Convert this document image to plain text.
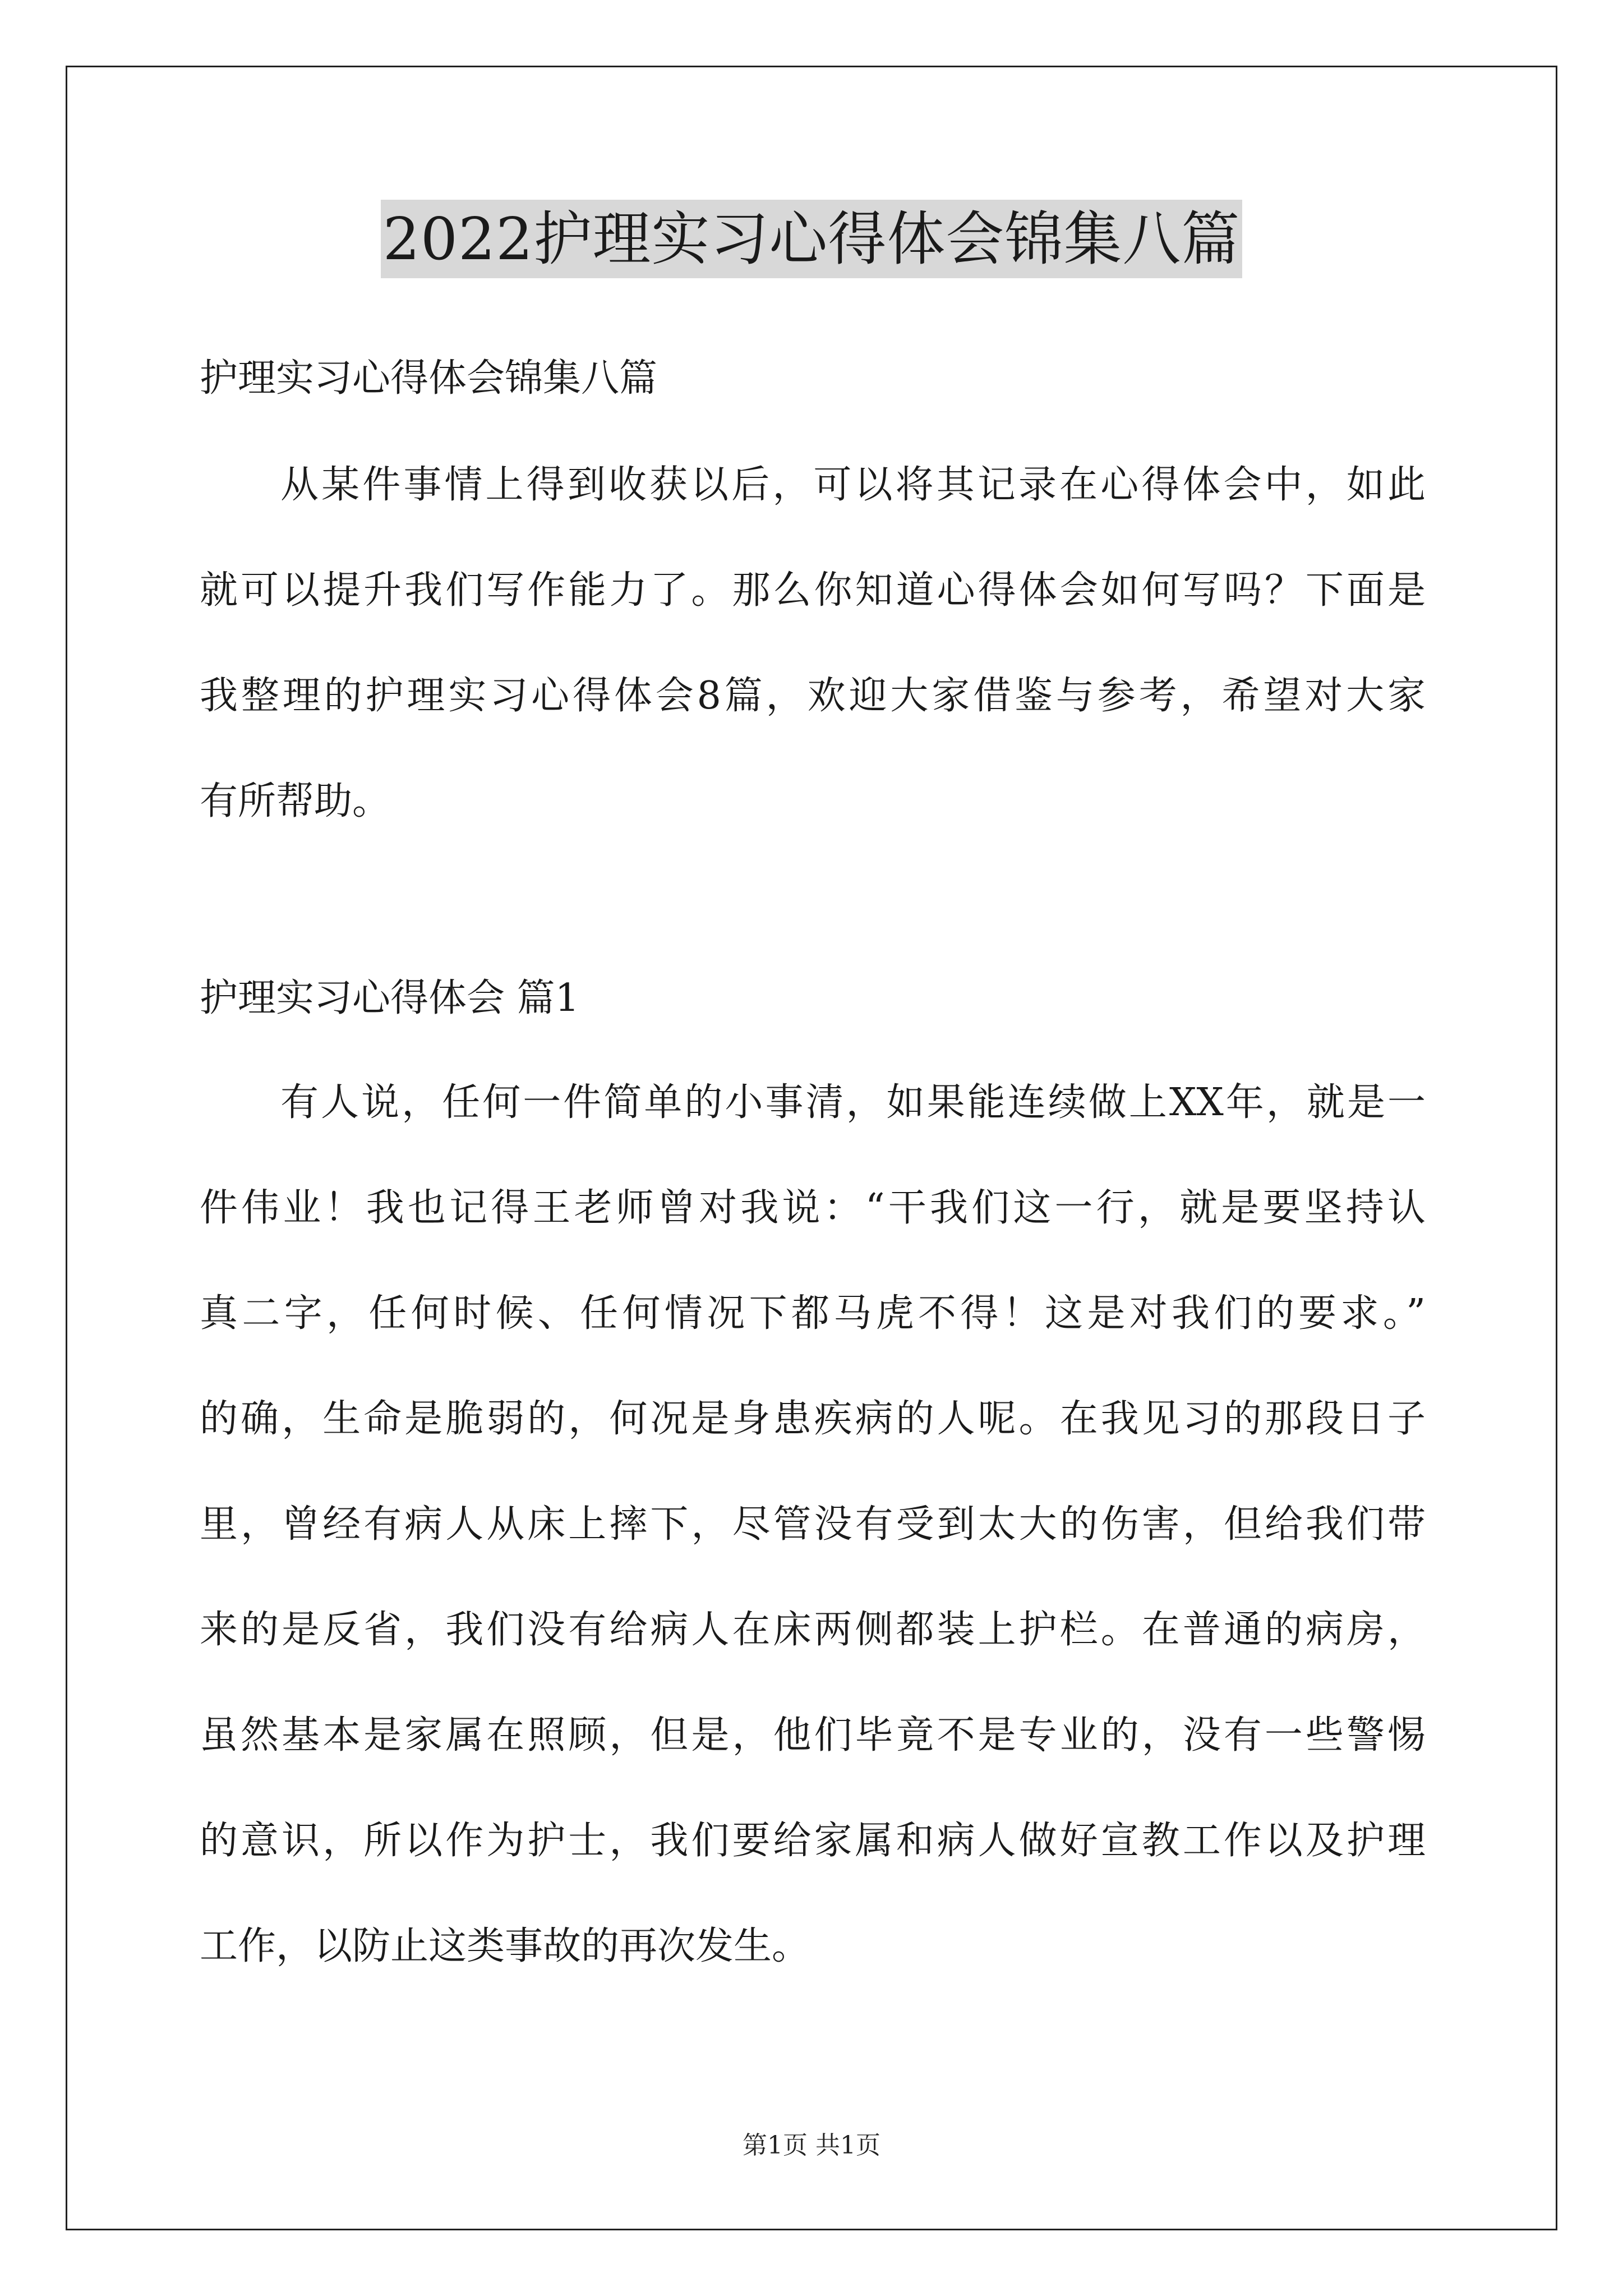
2022护理实习心得体会锦集八篇
护理实习心得体会锦集八篇
从某件事情上得到收获以后，可以将其记录在心得体会中，如此
就可以提升我们写作能力了。那么你知道心得体会如何写吗？下面是
我整理的护理实习心得体会8篇，欢迎大家借鉴与参考，希望对大家
有所帮助。
护理实习心得体会 篇1
有人说，任何一件简单的小事清，如果能连续做上XX年，就是一
件伟业！我也记得王老师曾对我说：“干我们这一行，就是要坚持认
真二字，任何时候、任何情况下都马虎不得！这是对我们的要求。”
的确，生命是脆弱的，何况是身患疾病的人呢。在我见习的那段日子
里，曾经有病人从床上摔下，尽管没有受到太大的伤害，但给我们带
来的是反省，我们没有给病人在床两侧都装上护栏。在普通的病房，
虽然基本是家属在照顾，但是，他们毕竟不是专业的，没有一些警惕
的意识，所以作为护士，我们要给家属和病人做好宣教工作以及护理
工作，以防止这类事故的再次发生。
第1页 共1页
